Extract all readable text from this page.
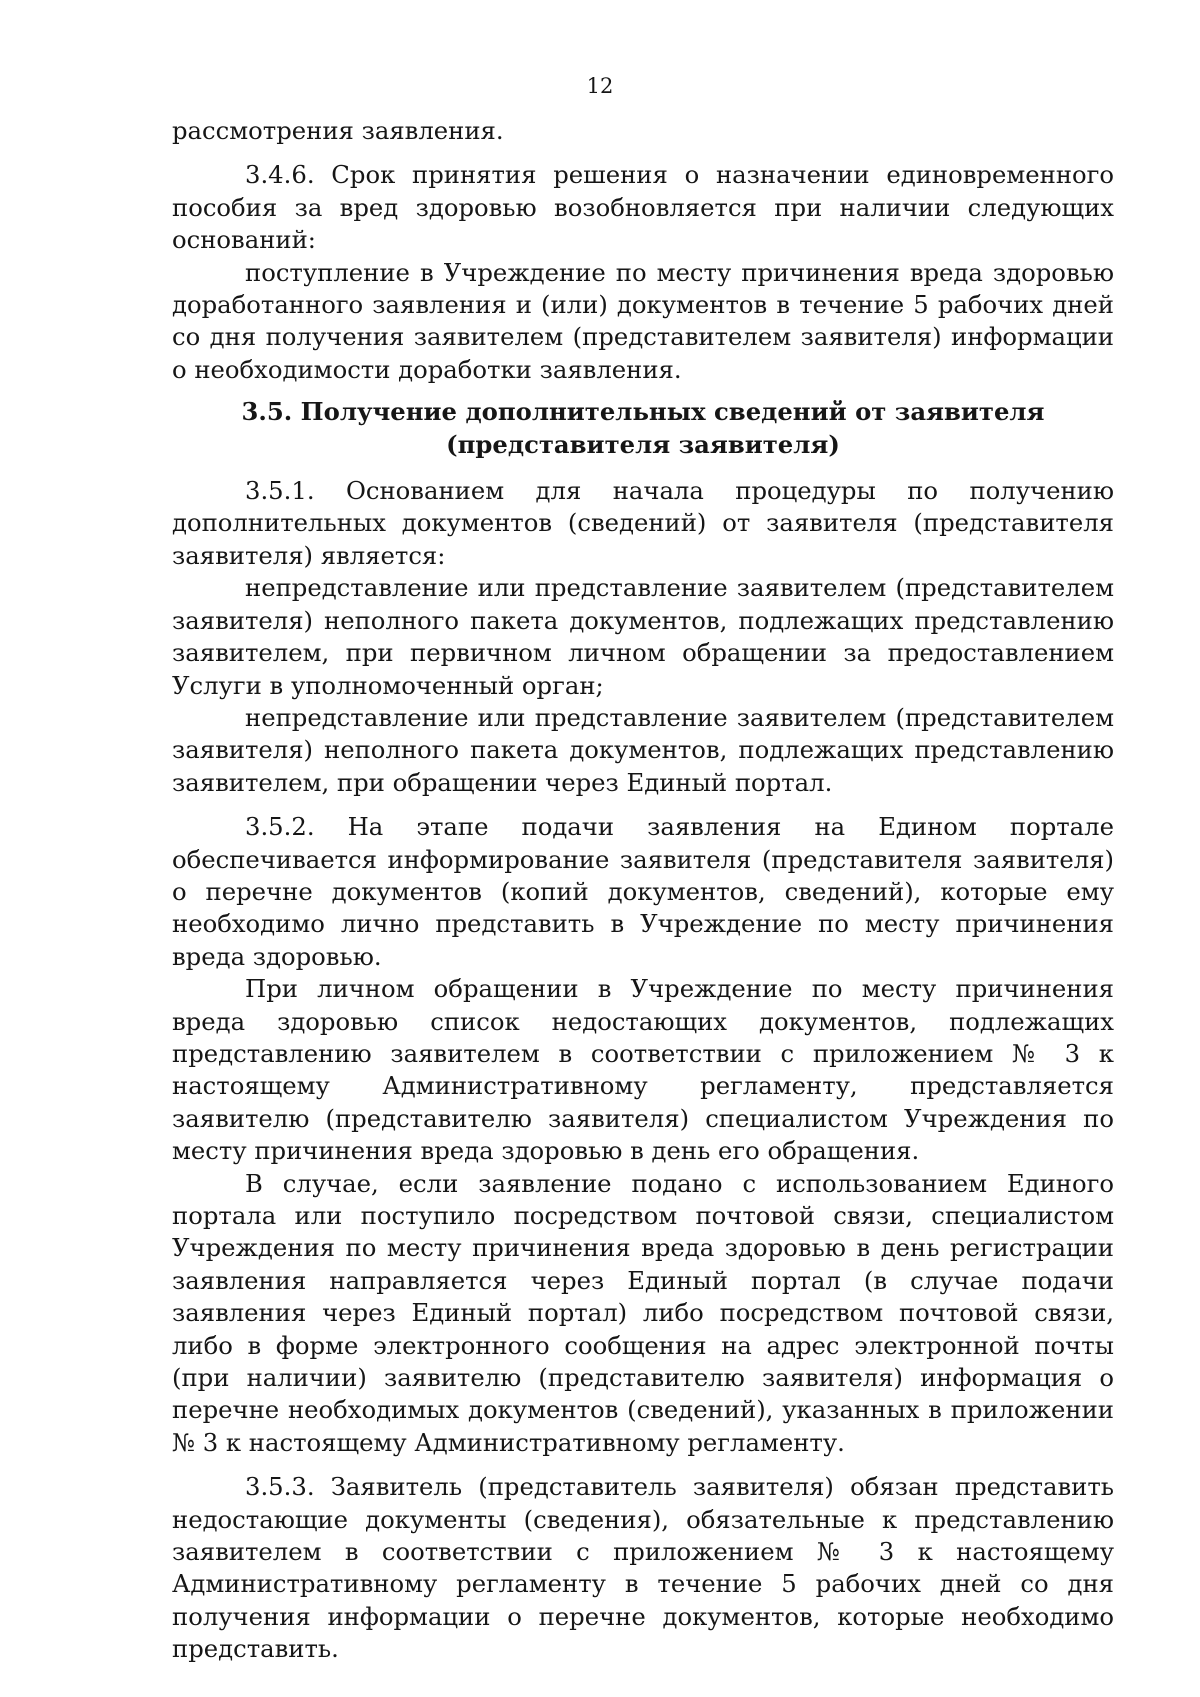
12

рассмотрения заявления.

3.4.6. Срок принятия решения о назначении единовременного пособия за вред здоровью возобновляется при наличии следующих оснований:

поступление в Учреждение по месту причинения вреда здоровью доработанного заявления и (или) документов в течение 5 рабочих дней со дня получения заявителем (представителем заявителя) информации о необходимости доработки заявления.

3.5. Получение дополнительных сведений от заявителя
(представителя заявителя)

3.5.1. Основанием для начала процедуры по получению дополнительных документов (сведений) от заявителя (представителя заявителя) является:

непредставление или представление заявителем (представителем заявителя) неполного пакета документов, подлежащих представлению заявителем, при первичном личном обращении за предоставлением Услуги в уполномоченный орган;

непредставление или представление заявителем (представителем заявителя) неполного пакета документов, подлежащих представлению заявителем, при обращении через Единый портал.

3.5.2. На этапе подачи заявления на Едином портале обеспечивается информирование заявителя (представителя заявителя) о перечне документов (копий документов, сведений), которые ему необходимо лично представить в Учреждение по месту причинения вреда здоровью.

При личном обращении в Учреждение по месту причинения вреда здоровью список недостающих документов, подлежащих представлению заявителем в соответствии с приложением № 3 к настоящему Административному регламенту, представляется заявителю (представителю заявителя) специалистом Учреждения по месту причинения вреда здоровью в день его обращения.

В случае, если заявление подано с использованием Единого портала или поступило посредством почтовой связи, специалистом Учреждения по месту причинения вреда здоровью в день регистрации заявления направляется через Единый портал (в случае подачи заявления через Единый портал) либо посредством почтовой связи, либо в форме электронного сообщения на адрес электронной почты (при наличии) заявителю (представителю заявителя) информация о перечне необходимых документов (сведений), указанных в приложении № 3 к настоящему Административному регламенту.

3.5.3. Заявитель (представитель заявителя) обязан представить недостающие документы (сведения), обязательные к представлению заявителем в соответствии с приложением № 3 к настоящему Административному регламенту в течение 5 рабочих дней со дня получения информации о перечне документов, которые необходимо представить.
